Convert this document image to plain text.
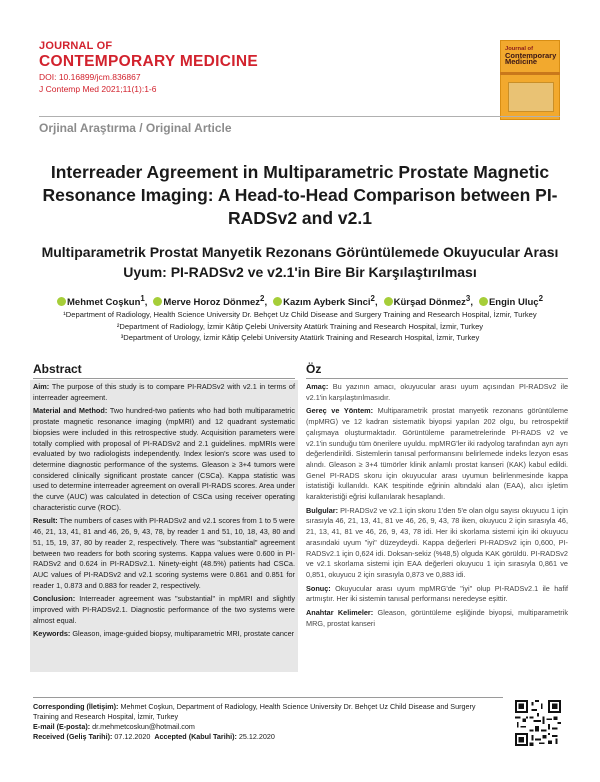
JOURNAL OF
CONTEMPORARY MEDICINE
DOI: 10.16899/jcm.836867
J Contemp Med 2021;11(1):1-6
Journal of
Contemporary Medicine
Orjinal Araştırma / Original Article
Interreader Agreement in Multiparametric Prostate Magnetic Resonance Imaging: A Head-to-Head Comparison between PI-RADSv2 and v2.1
Multiparametrik Prostat Manyetik Rezonans Görüntülemede Okuyucular Arası Uyum: PI-RADSv2 ve v2.1'in Bire Bir Karşılaştırılması
Mehmet Coşkun$^1$, Merve Horoz Dönmez$^2$, Kazım Ayberk Sinci$^2$, Kürşad Dönmez$^3$, Engin Uluç$^2$
¹Department of Radiology, Health Science University Dr. Behçet Uz Child Disease and Surgery Training and Research Hospital, İzmir, Turkey
²Department of Radiology, İzmir Kâtip Çelebi University Atatürk Training and Research Hospital, İzmir, Turkey
³Department of Urology, İzmir Kâtip Çelebi University Atatürk Training and Research Hospital, İzmir, Turkey
Abstract
Aim: The purpose of this study is to compare PI-RADSv2 with v2.1 in terms of interreader agreement.
Material and Method: Two hundred-two patients who had both multiparametric prostate magnetic resonance imaging (mpMRI) and 12 quadrant systematic biopsies were included in this retrospective study. Acquisition parameters were totally complied with proposal of PI-RADSv2 and 2.1 guidelines. mpMRIs were evaluated by two radiologists independently. Index lesion's score was used to determine diagnostic performance of the systems. Gleason ≥ 3+4 tumors were considered clinically significant prostate cancer (CSCa). Kappa statistic was used to determine interreader agreement on overall PI-RADS scores. Area under the curve (AUC) was calculated in detection of CSCa using receiver operating characteristic curve (ROC).
Result: The numbers of cases with PI-RADSv2 and v2.1 scores from 1 to 5 were 46, 21, 13, 41, 81 and 46, 26, 9, 43, 78, by reader 1 and 51, 10, 18, 43, 80 and 51, 15, 19, 37, 80 by reader 2, respectively. There was "substantial" agreement between two readers for both scoring systems. Kappa values were 0.600 in PI-RADSv2 and 0.624 in PI-RADSv2.1. Ninety-eight (48.5%) patients had CSCa. AUC values of PI-RADSv2 and v2.1 scoring systems were 0.861 and 0.851 for reader 1, 0.873 and 0.883 for reader 2, respectively.
Conclusion: Interreader agreement was "substantial" in mpMRI and slightly improved with PI-RADSv2.1. Diagnostic performance of the two systems were almost equal.
Keywords: Gleason, image-guided biopsy, multiparametric MRI, prostate cancer
Öz
Amaç: Bu yazının amacı, okuyucular arası uyum açısından PI-RADSv2 ile v2.1'in karşılaştırılmasıdır.
Gereç ve Yöntem: Multiparametrik prostat manyetik rezonans görüntüleme (mpMRG) ve 12 kadran sistematik biyopsi yapılan 202 olgu, bu retrospektif çalışmaya oluşturmaktadır. Görüntüleme parametrelerinde PI-RADS v2 ve v2.1'in sunduğu tüm önerilere uyuldu. mpMRG'ler iki radyolog tarafından ayrı ayrı değerlendirildi. Sistemlerin tanısal performansını belirlemede indeks lezyon esas alındı. Gleason ≥ 3+4 tümörler klinik anlamlı prostat kanseri (KAK) kabul edildi. Genel PI-RADS skoru için okuyucular arası uyumun belirlenmesinde kappa istatistiği kullanıldı. KAK tespitinde eğrinin altındaki alan (EAA), alıcı işletim karakteristiği eğrisi kullanılarak hesaplandı.
Bulgular: PI-RADSv2 ve v2.1 için skoru 1'den 5'e olan olgu sayısı okuyucu 1 için sırasıyla 46, 21, 13, 41, 81 ve 46, 26, 9, 43, 78 iken, okuyucu 2 için sırasıyla 46, 21, 13, 41, 81 ve 46, 26, 9, 43, 78 idi. Her iki skorlama sistemi için iki okuyucu arasındaki uyum "iyi" düzeydeydi. Kappa değerleri PI-RADSv2 için 0,600, PI-RADSv2.1 için 0,624 idi. Doksan-sekiz (%48,5) olguda KAK görüldü. PI-RADSv2 ve v2.1 skorlama sistemi için EAA değerleri okuyucu 1 için sırasıyla 0,861 ve 0,851, okuyucu 2 için sırasıyla 0,873 ve 0,883 idi.
Sonuç: Okuyucular arası uyum mpMRG'de "iyi" olup PI-RADSv2.1 ile hafif artmıştır. Her iki sistemin tanısal performansı neredeyse eşittir.
Anahtar Kelimeler: Gleason, görüntüleme eşliğinde biyopsi, multiparametrik MRG, prostat kanseri
Corresponding (İletişim): Mehmet Coşkun, Department of Radiology, Health Science University Dr. Behçet Uz Child Disease and Surgery Training and Research Hospital, İzmir, Turkey
E-mail (E-posta): dr.mehmetcoskun@hotmail.com
Received (Geliş Tarihi): 07.12.2020 Accepted (Kabul Tarihi): 25.12.2020
